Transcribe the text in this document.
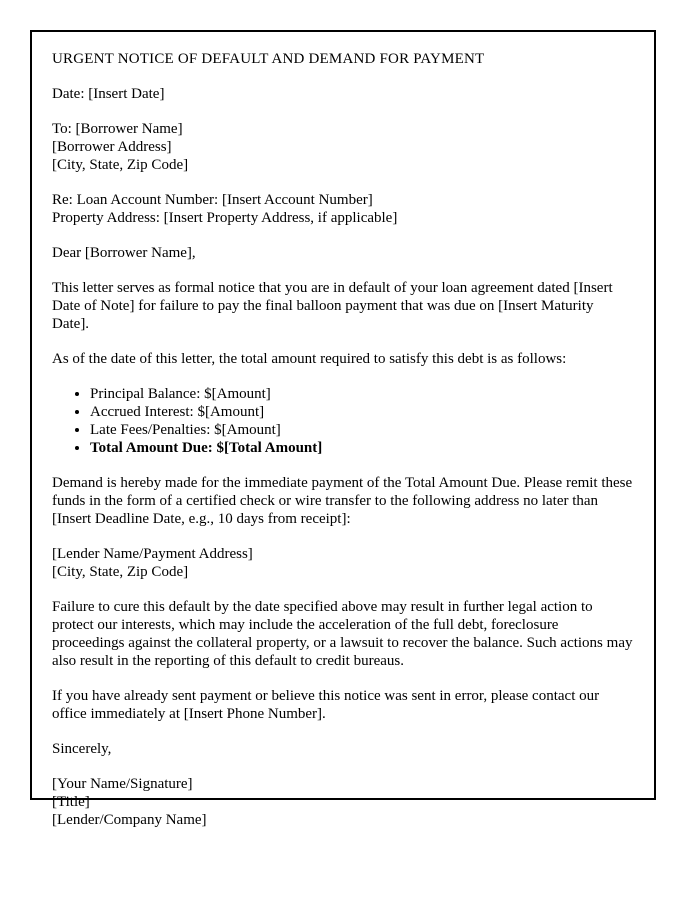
URGENT NOTICE OF DEFAULT AND DEMAND FOR PAYMENT

Date: [Insert Date]

To: [Borrower Name]

[Borrower Address]

[City, State, Zip Code]

Re: Loan Account Number: [Insert Account Number]

Property Address: [Insert Property Address, if applicable]

Dear [Borrower Name],

This letter serves as formal notice that you are in default of your loan agreement dated [Insert Date of Note] for failure to pay the final balloon payment that was due on [Insert Maturity Date].

As of the date of this letter, the total amount required to satisfy this debt is as follows:

• Principal Balance: $[Amount]
• Accrued Interest: $[Amount]
• Late Fees/Penalties: $[Amount]
• Total Amount Due: $[Total Amount]

Demand is hereby made for the immediate payment of the Total Amount Due. Please remit these funds in the form of a certified check or wire transfer to the following address no later than [Insert Deadline Date, e.g., 10 days from receipt]:

[Lender Name/Payment Address]

[City, State, Zip Code]

Failure to cure this default by the date specified above may result in further legal action to protect our interests, which may include the acceleration of the full debt, foreclosure proceedings against the collateral property, or a lawsuit to recover the balance. Such actions may also result in the reporting of this default to credit bureaus.

If you have already sent payment or believe this notice was sent in error, please contact our office immediately at [Insert Phone Number].

Sincerely,

[Your Name/Signature]

[Title]

[Lender/Company Name]
